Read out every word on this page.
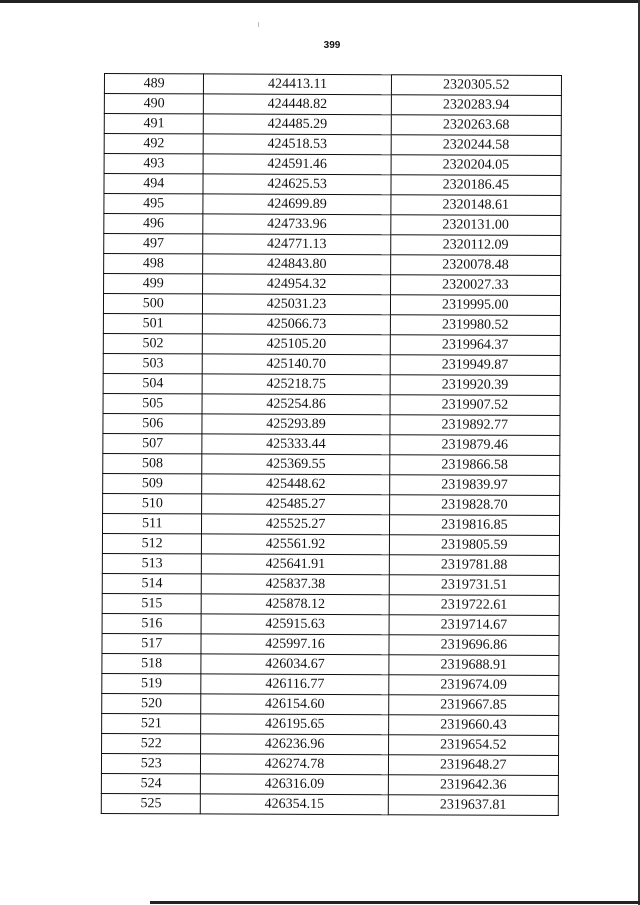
399
489	424413.11	2320305.52
490	424448.82	2320283.94
491	424485.29	2320263.68
492	424518.53	2320244.58
493	424591.46	2320204.05
494	424625.53	2320186.45
495	424699.89	2320148.61
496	424733.96	2320131.00
497	424771.13	2320112.09
498	424843.80	2320078.48
499	424954.32	2320027.33
500	425031.23	2319995.00
501	425066.73	2319980.52
502	425105.20	2319964.37
503	425140.70	2319949.87
504	425218.75	2319920.39
505	425254.86	2319907.52
506	425293.89	2319892.77
507	425333.44	2319879.46
508	425369.55	2319866.58
509	425448.62	2319839.97
510	425485.27	2319828.70
511	425525.27	2319816.85
512	425561.92	2319805.59
513	425641.91	2319781.88
514	425837.38	2319731.51
515	425878.12	2319722.61
516	425915.63	2319714.67
517	425997.16	2319696.86
518	426034.67	2319688.91
519	426116.77	2319674.09
520	426154.60	2319667.85
521	426195.65	2319660.43
522	426236.96	2319654.52
523	426274.78	2319648.27
524	426316.09	2319642.36
525	426354.15	2319637.81
